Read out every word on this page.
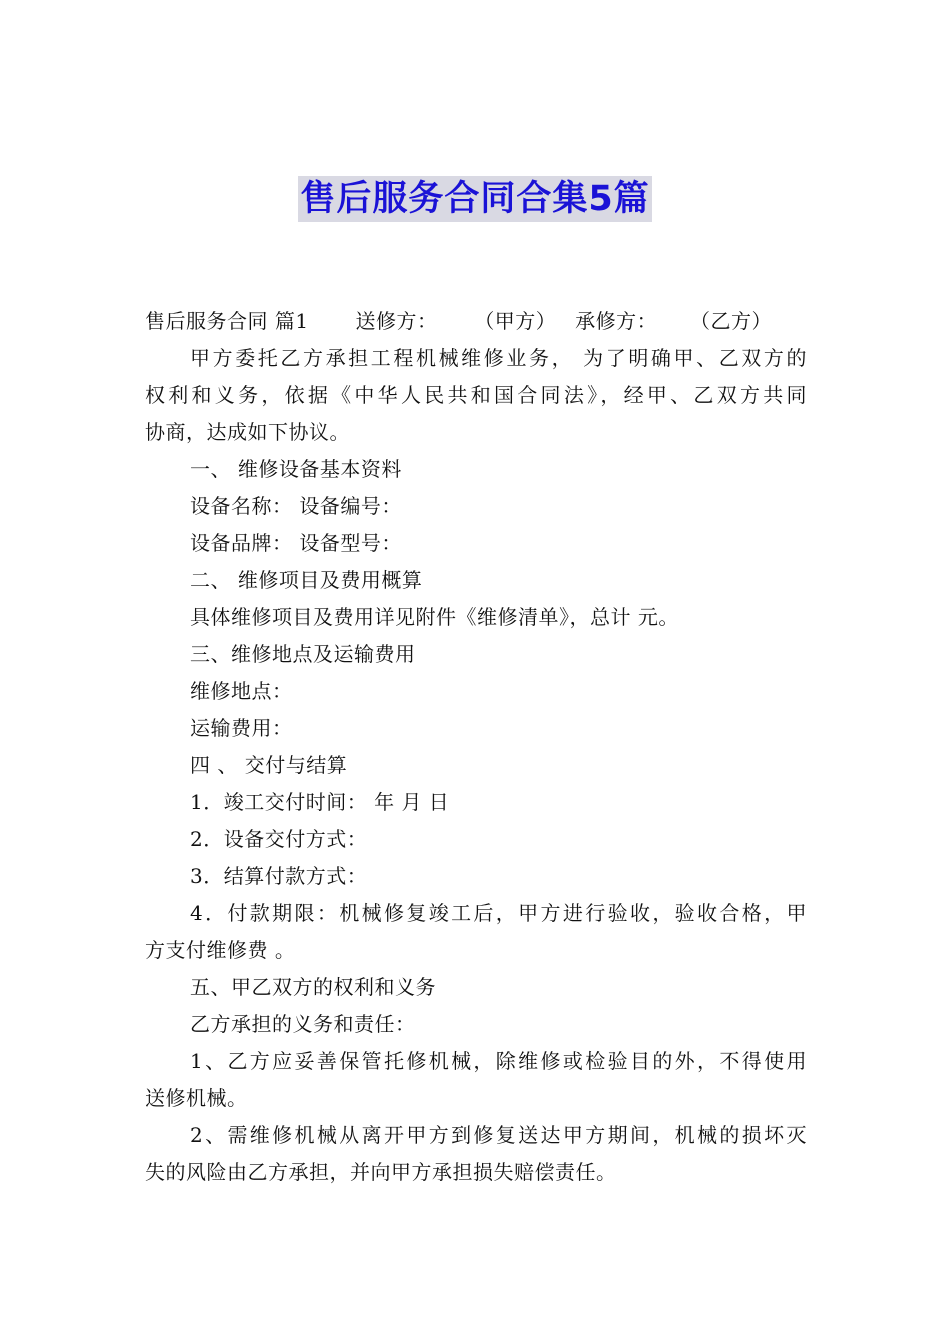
售后服务合同合集5篇
售后服务合同 篇1 送修方： （甲方） 承修方： （乙方）
甲方委托乙方承担工程机械维修业务， 为了明确甲、乙双方的
权利和义务，依据《中华人民共和国合同法》，经甲、乙双方共同
协商，达成如下协议。
一、 维修设备基本资料
设备名称： 设备编号：
设备品牌： 设备型号：
二、 维修项目及费用概算
具体维修项目及费用详见附件《维修清单》，总计 元。
三、维修地点及运输费用
维修地点：
运输费用：
四 、 交付与结算
1．竣工交付时间： 年 月 日
2．设备交付方式：
3．结算付款方式：
4．付款期限：机械修复竣工后，甲方进行验收，验收合格，甲
方支付维修费 。
五、甲乙双方的权利和义务
乙方承担的义务和责任：
1、乙方应妥善保管托修机械，除维修或检验目的外，不得使用
送修机械。
2、需维修机械从离开甲方到修复送达甲方期间，机械的损坏灭
失的风险由乙方承担，并向甲方承担损失赔偿责任。
